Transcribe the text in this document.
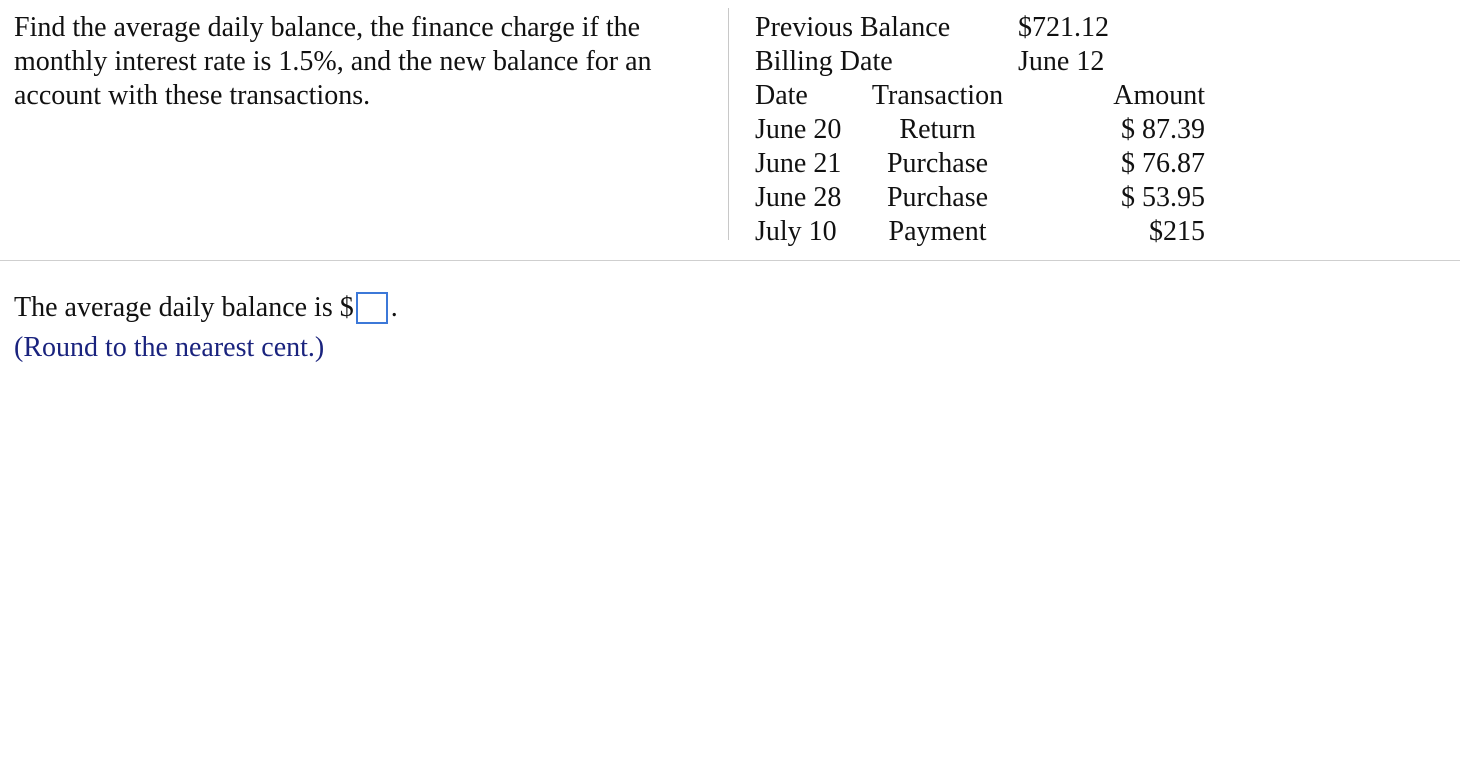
Find the average daily balance, the finance charge if the monthly interest rate is 1.5%, and the new balance for an account with these transactions.
Previous Balance $721.12
Billing Date	June 12
Date	Transaction	Amount
June 20	Return	$ 87.39
June 21	Purchase	$ 76.87
June 28	Purchase	$ 53.95
July 10	Payment	$215
The average daily balance is $ .
(Round to the nearest cent.)
